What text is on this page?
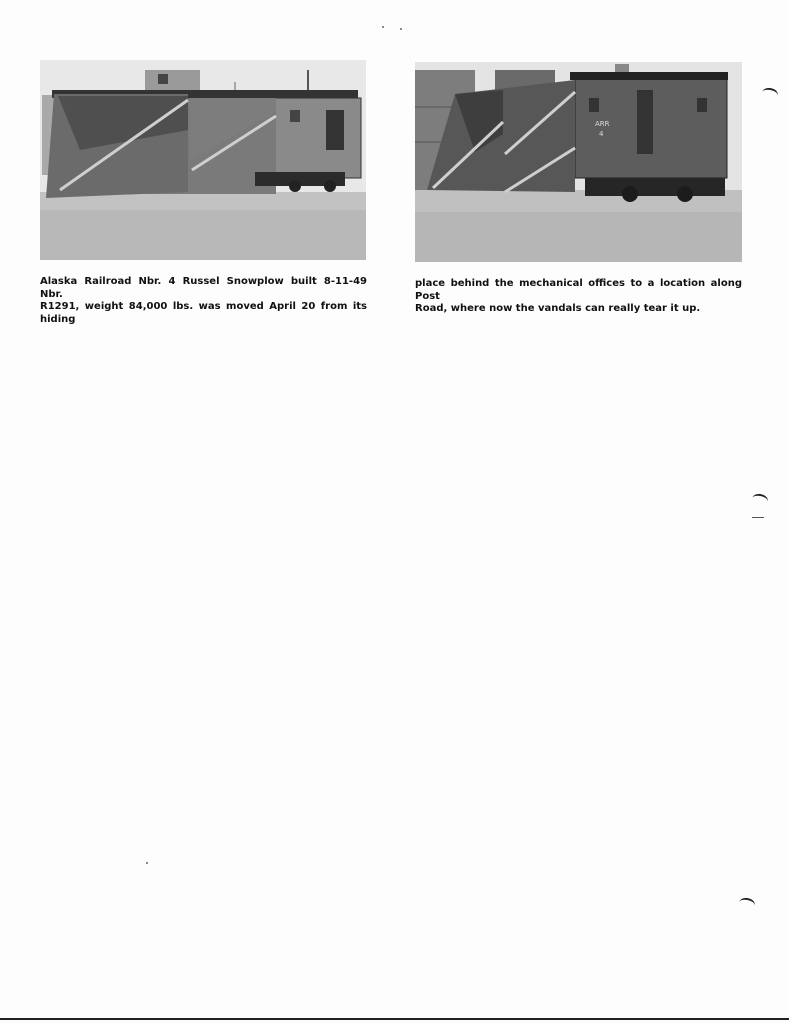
ARR
4

Alaska Railroad Nbr. 4 Russel Snowplow built 8-11-49 Nbr.
R1291, weight 84,000 lbs. was moved April 20 from its hiding

place behind the mechanical offices to a location along Post
Road, where now the vandals can really tear it up.
